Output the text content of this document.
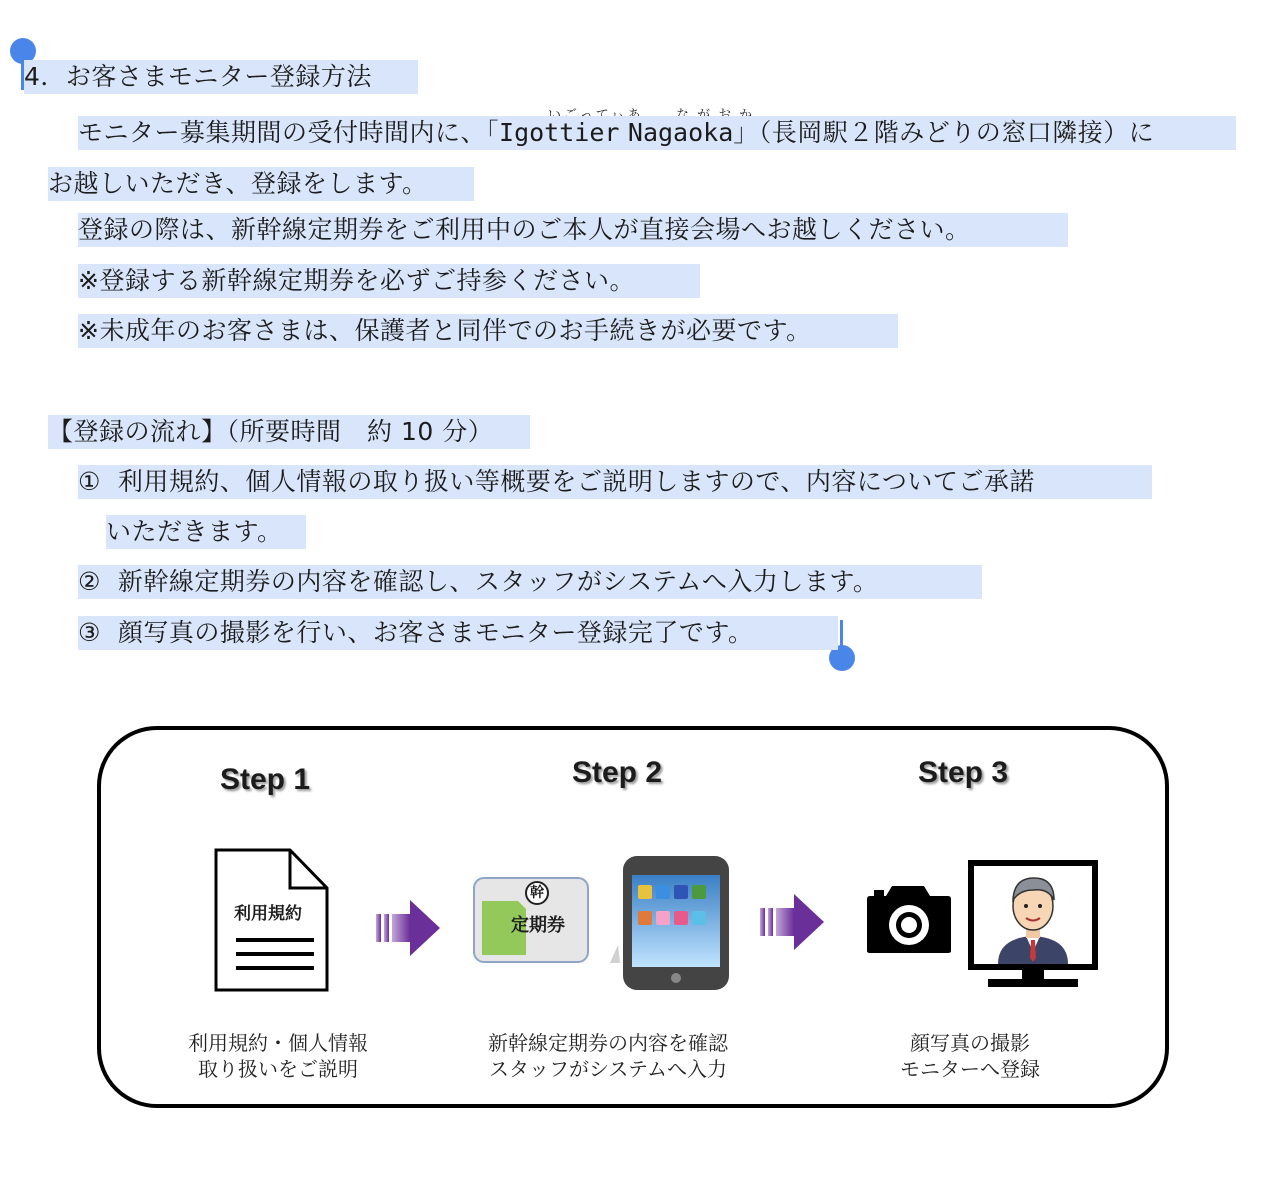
4．お客さまモニター登録方法
モニター募集期間の受付時間内に、「Igottier Nagaoka」（長岡駅２階みどりの窓口隣接）に
お越しいただき、登録をします。
登録の際は、新幹線定期券をご利用中のご本人が直接会場へお越しください。
※登録する新幹線定期券を必ずご持参ください。
※未成年のお客さまは、保護者と同伴でのお手続きが必要です。
【登録の流れ】（所要時間　約 10 分）
① 利用規約、個人情報の取り扱い等概要をご説明しますので、内容についてご承諾
いただきます。
② 新幹線定期券の内容を確認し、スタッフがシステムへ入力します。
③ 顔写真の撮影を行い、お客さまモニター登録完了です。
Step 1	Step 2	Step 3
利用規約
幹
定期券
利用規約・個人情報
取り扱いをご説明
新幹線定期券の内容を確認
スタッフがシステムへ入力
顔写真の撮影
モニターへ登録
